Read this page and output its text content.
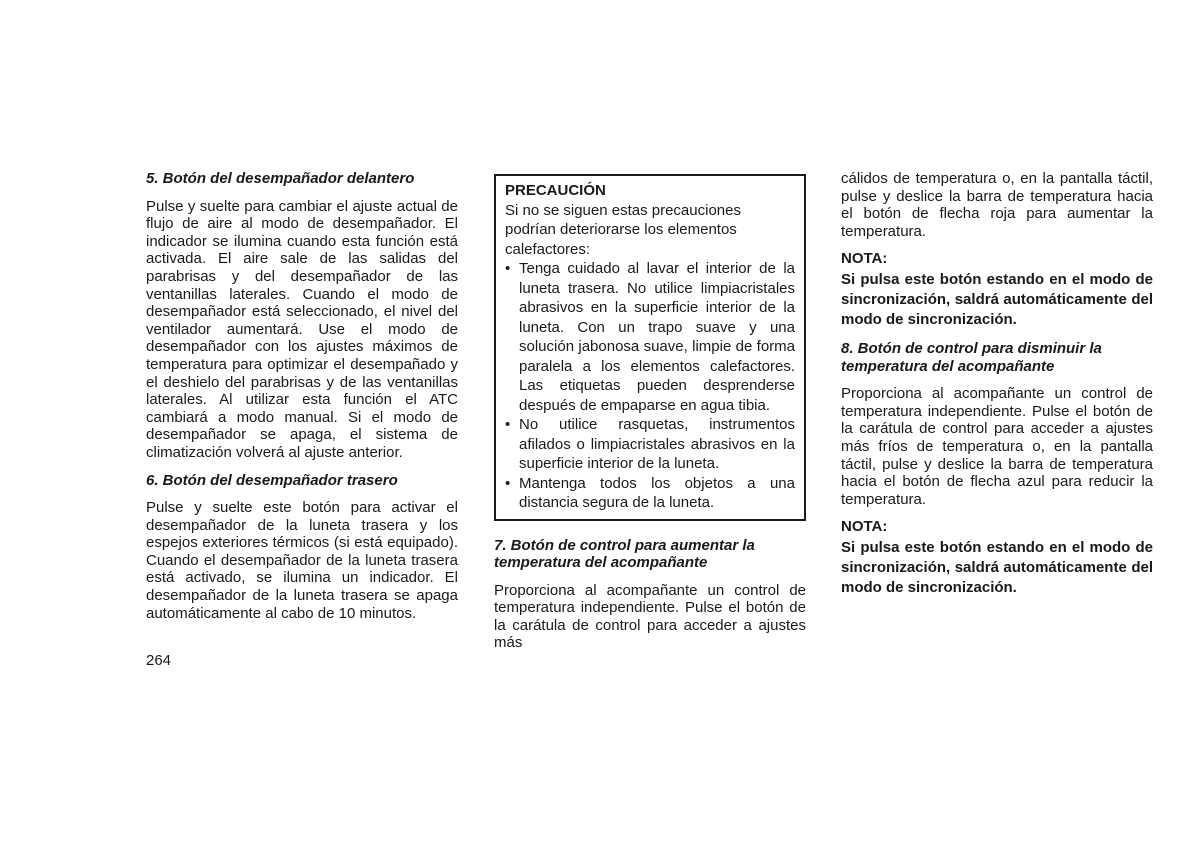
5. Botón del desempañador delantero

Pulse y suelte para cambiar el ajuste actual de flujo de aire al modo de desempañador. El indicador se ilumina cuando esta función está activada. El aire sale de las salidas del parabrisas y del desempañador de las ventanillas laterales. Cuando el modo de desempañador está seleccionado, el nivel del ventilador aumentará. Use el modo de desempañador con los ajustes máximos de temperatura para optimizar el desempañado y el deshielo del parabrisas y de las ventanillas laterales. Al utilizar esta función el ATC cambiará a modo manual. Si el modo de desempañador se apaga, el sistema de climatización volverá al ajuste anterior.

6. Botón del desempañador trasero

Pulse y suelte este botón para activar el desempañador de la luneta trasera y los espejos exteriores térmicos (si está equipado). Cuando el desempañador de la luneta trasera está activado, se ilumina un indicador. El desempañador de la luneta trasera se apaga automáticamente al cabo de 10 minutos.

PRECAUCIÓN

Si no se siguen estas precauciones podrían deteriorarse los elementos calefactores:

• Tenga cuidado al lavar el interior de la luneta trasera. No utilice limpiacristales abrasivos en la superficie interior de la luneta. Con un trapo suave y una solución jabonosa suave, limpie de forma paralela a los elementos calefactores. Las etiquetas pueden desprenderse después de empaparse en agua tibia.
• No utilice rasquetas, instrumentos afilados o limpiacristales abrasivos en la superficie interior de la luneta.
• Mantenga todos los objetos a una distancia segura de la luneta.

7. Botón de control para aumentar la temperatura del acompañante

Proporciona al acompañante un control de temperatura independiente. Pulse el botón de la carátula de control para acceder a ajustes más

cálidos de temperatura o, en la pantalla táctil, pulse y deslice la barra de temperatura hacia el botón de flecha roja para aumentar la temperatura.

NOTA:

Si pulsa este botón estando en el modo de sincronización, saldrá automáticamente del modo de sincronización.

8. Botón de control para disminuir la temperatura del acompañante

Proporciona al acompañante un control de temperatura independiente. Pulse el botón de la carátula de control para acceder a ajustes más fríos de temperatura o, en la pantalla táctil, pulse y deslice la barra de temperatura hacia el botón de flecha azul para reducir la temperatura.

NOTA:

Si pulsa este botón estando en el modo de sincronización, saldrá automáticamente del modo de sincronización.

264
